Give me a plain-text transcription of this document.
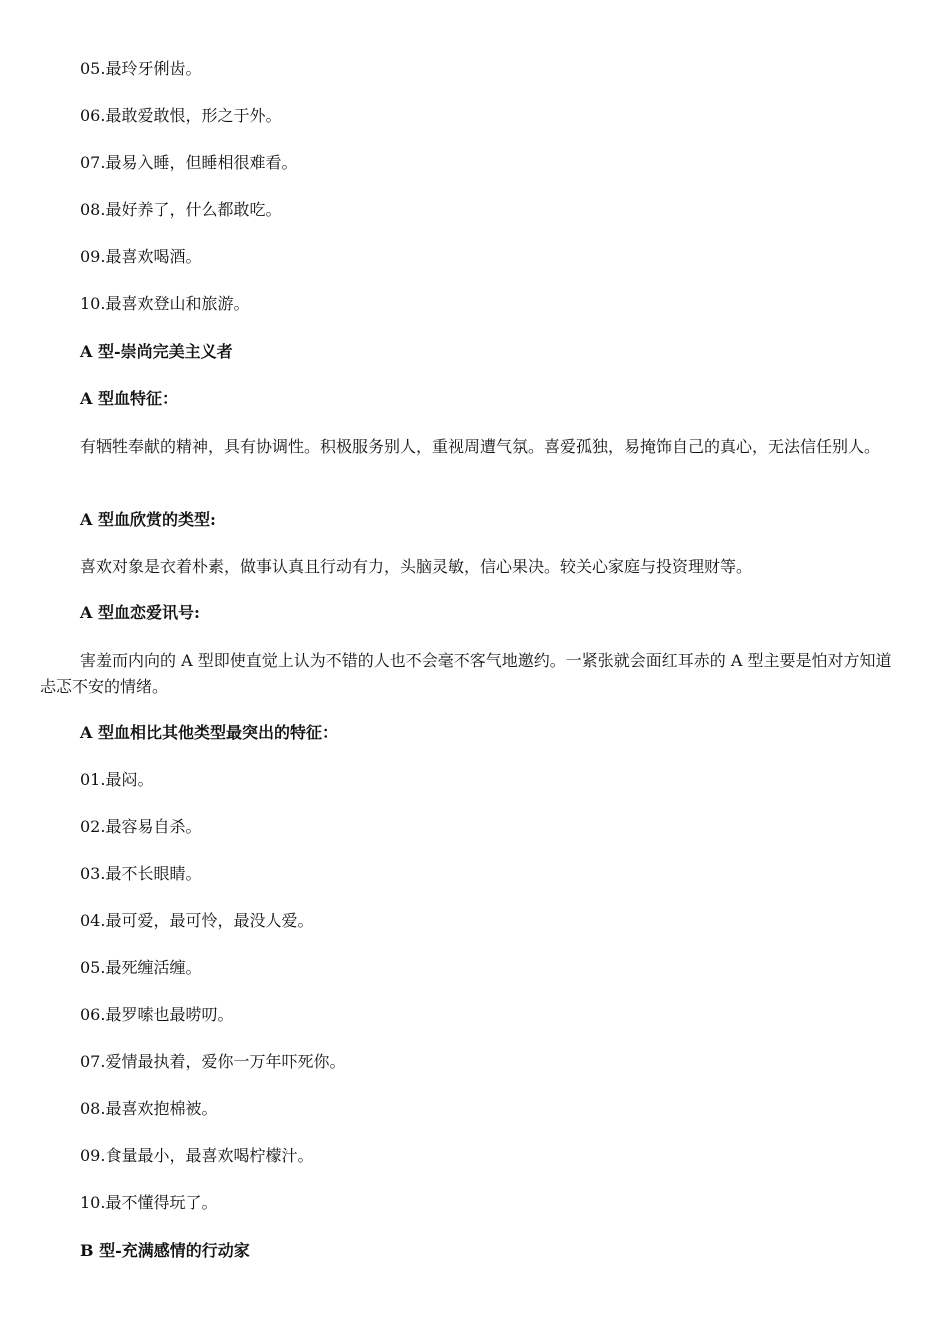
05.最玲牙俐齿。
06.最敢爱敢恨，形之于外。
07.最易入睡，但睡相很难看。
08.最好养了，什么都敢吃。
09.最喜欢喝酒。
10.最喜欢登山和旅游。
A 型-崇尚完美主义者
A 型血特征：
有牺牲奉献的精神，具有协调性。积极服务别人，重视周遭气氛。喜爱孤独，易掩饰自己的真心，无法信任别人。
A 型血欣赏的类型:
喜欢对象是衣着朴素，做事认真且行动有力，头脑灵敏，信心果决。较关心家庭与投资理财等。
A 型血恋爱讯号:
害羞而内向的 A 型即使直觉上认为不错的人也不会毫不客气地邀约。一紧张就会面红耳赤的 A 型主要是怕对方知道忐忑不安的情绪。
A 型血相比其他类型最突出的特征：
01.最闷。
02.最容易自杀。
03.最不长眼睛。
04.最可爱，最可怜，最没人爱。
05.最死缠活缠。
06.最罗嗦也最唠叨。
07.爱情最执着，爱你一万年吓死你。
08.最喜欢抱棉被。
09.食量最小，最喜欢喝柠檬汁。
10.最不懂得玩了。
B 型-充满感情的行动家
